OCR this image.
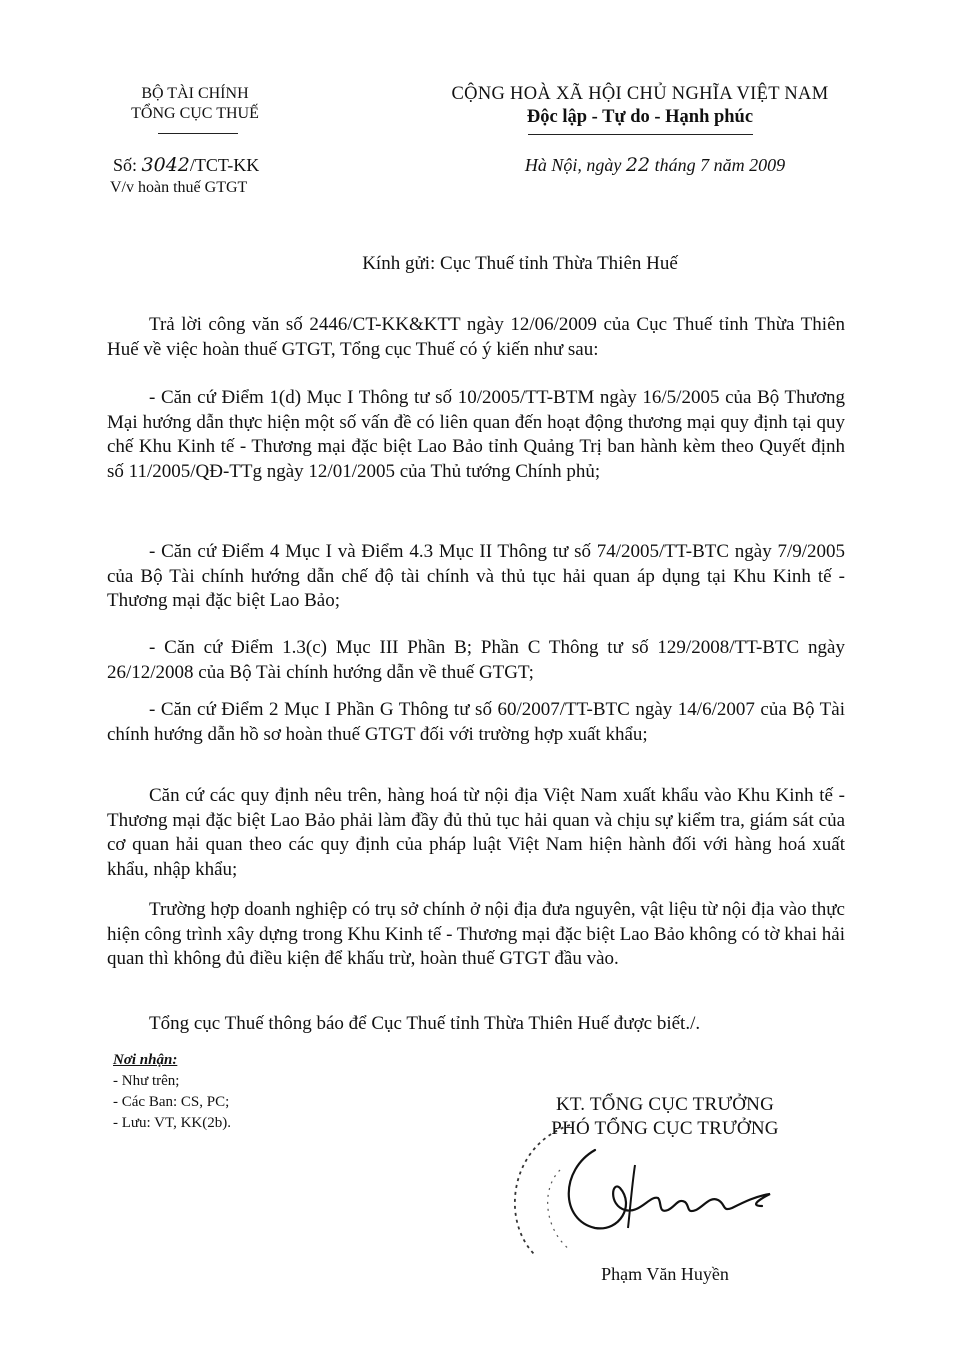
BỘ TÀI CHÍNH
TỔNG CỤC THUẾ
Số: 3042/TCT-KK
V/v hoàn thuế GTGT
CỘNG HOÀ XÃ HỘI CHỦ NGHĨA VIỆT NAM
Độc lập - Tự do - Hạnh phúc
Hà Nội, ngày 22 tháng 7 năm 2009
Kính gửi: Cục Thuế tỉnh Thừa Thiên Huế
Trả lời công văn số 2446/CT-KK&KTT ngày 12/06/2009 của Cục Thuế tỉnh Thừa Thiên Huế về việc hoàn thuế GTGT, Tổng cục Thuế có ý kiến như sau:
- Căn cứ Điểm 1(d) Mục I Thông tư số 10/2005/TT-BTM ngày 16/5/2005 của Bộ Thương Mại hướng dẫn thực hiện một số vấn đề có liên quan đến hoạt động thương mại quy định tại quy chế Khu Kinh tế - Thương mại đặc biệt Lao Bảo tỉnh Quảng Trị ban hành kèm theo Quyết định số 11/2005/QĐ-TTg ngày 12/01/2005 của Thủ tướng Chính phủ;
- Căn cứ Điểm 4 Mục I và Điểm 4.3 Mục II Thông tư số 74/2005/TT-BTC ngày 7/9/2005 của Bộ Tài chính hướng dẫn chế độ tài chính và thủ tục hải quan áp dụng tại Khu Kinh tế - Thương mại đặc biệt Lao Bảo;
- Căn cứ Điểm 1.3(c) Mục III Phần B; Phần C Thông tư số 129/2008/TT-BTC ngày 26/12/2008 của Bộ Tài chính hướng dẫn về thuế GTGT;
- Căn cứ Điểm 2 Mục I Phần G Thông tư số 60/2007/TT-BTC ngày 14/6/2007 của Bộ Tài chính hướng dẫn hồ sơ hoàn thuế GTGT đối với trường hợp xuất khẩu;
Căn cứ các quy định nêu trên, hàng hoá từ nội địa Việt Nam xuất khẩu vào Khu Kinh tế - Thương mại đặc biệt Lao Bảo phải làm đầy đủ thủ tục hải quan và chịu sự kiểm tra, giám sát của cơ quan hải quan theo các quy định của pháp luật Việt Nam hiện hành đối với hàng hoá xuất khẩu, nhập khẩu;
Trường hợp doanh nghiệp có trụ sở chính ở nội địa đưa nguyên, vật liệu từ nội địa vào thực hiện công trình xây dựng trong Khu Kinh tế - Thương mại đặc biệt Lao Bảo không có tờ khai hải quan thì không đủ điều kiện để khấu trừ, hoàn thuế GTGT đầu vào.
Tổng cục Thuế thông báo để Cục Thuế tỉnh Thừa Thiên Huế được biết./.
Nơi nhận:
- Như trên;
- Các Ban: CS, PC;
- Lưu: VT, KK(2b).
KT. TỔNG CỤC TRƯỞNG
PHÓ TỔNG CỤC TRƯỞNG
Phạm Văn Huyền
